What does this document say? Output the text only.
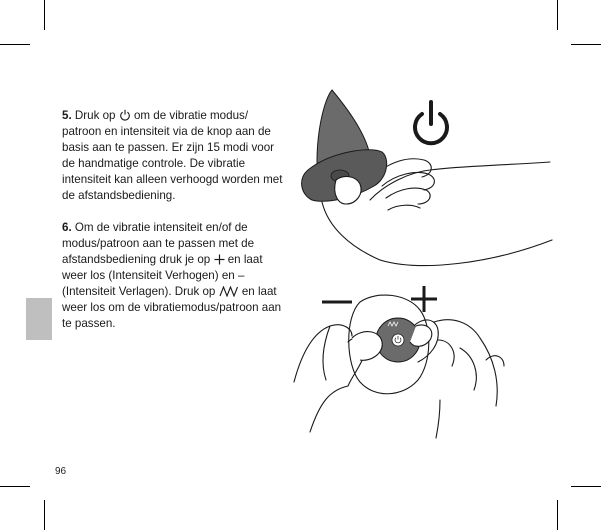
5. Druk op om de vibratie modus/ patroon en intensiteit via de knop aan de basis aan te passen. Er zijn 15 modi voor de handmatige controle. De vibratie intensiteit kan alleen verhoogd worden met de afstandsbediening.

6. Om de vibratie intensiteit en/of de modus/patroon aan te passen met de afstandsbediening druk je op en laat weer los (Intensiteit Verhogen) en – (Intensiteit Verlagen). Druk op en laat weer los om de vibratiemodus/patroon aan te passen.

96
